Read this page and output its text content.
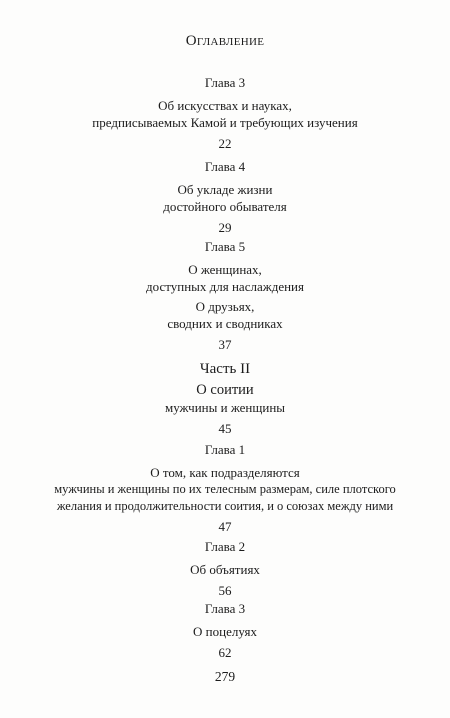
Оглавление
Глава 3
Об искусствах и науках,
предписываемых Камой и требующих изучения
22
Глава 4
Об укладе жизни
достойного обывателя
29
Глава 5
О женщинах,
доступных для наслаждения
О друзьях,
сводних и сводниках
37
Часть II
О соитии
мужчины и женщины
45
Глава 1
О том, как подразделяются
мужчины и женщины по их телесным размерам, силе плотского
желания и продолжительности соития, и о союзах между ними
47
Глава 2
Об объятиях
56
Глава 3
О поцелуях
62
279
